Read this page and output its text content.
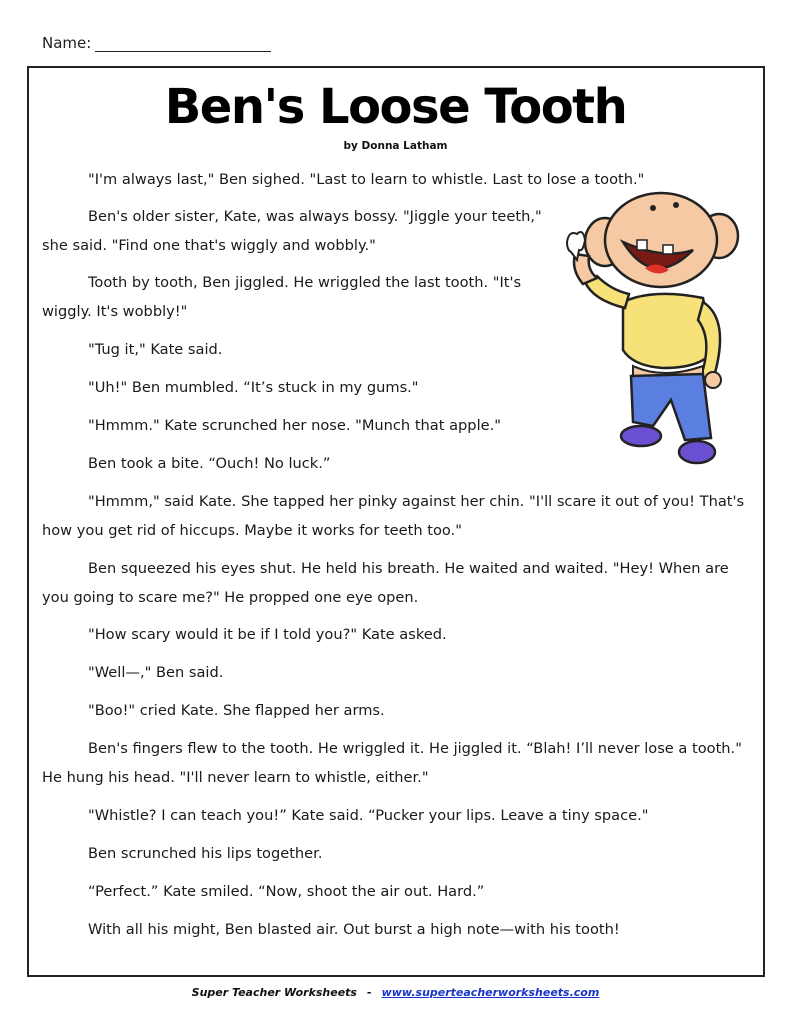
Name:
Ben's Loose Tooth
by Donna Latham
"I'm always last," Ben sighed. "Last to learn to whistle. Last to lose a tooth."
Ben's older sister, Kate, was always bossy. "Jiggle your teeth,"
she said. "Find one that's wiggly and wobbly."
Tooth by tooth, Ben jiggled. He wriggled the last tooth. "It's
wiggly. It's wobbly!"
"Tug it," Kate said.
"Uh!" Ben mumbled. “It’s stuck in my gums."
"Hmmm." Kate scrunched her nose. "Munch that apple."
Ben took a bite. “Ouch! No luck.”
"Hmmm," said Kate. She tapped her pinky against her chin. "I'll scare it out of you! That's
how you get rid of hiccups. Maybe it works for teeth too."
Ben squeezed his eyes shut. He held his breath. He waited and waited. "Hey! When are
you going to scare me?" He propped one eye open.
"How scary would it be if I told you?" Kate asked.
"Well—," Ben said.
"Boo!" cried Kate. She flapped her arms.
Ben's fingers flew to the tooth. He wriggled it. He jiggled it. “Blah! I’ll never lose a tooth."
He hung his head. "I'll never learn to whistle, either."
"Whistle? I can teach you!” Kate said. “Pucker your lips. Leave a tiny space."
Ben scrunched his lips together.
“Perfect.” Kate smiled. “Now, shoot the air out. Hard.”
With all his might, Ben blasted air. Out burst a high note—with his tooth!
Super Teacher Worksheets - www.superteacherworksheets.com
